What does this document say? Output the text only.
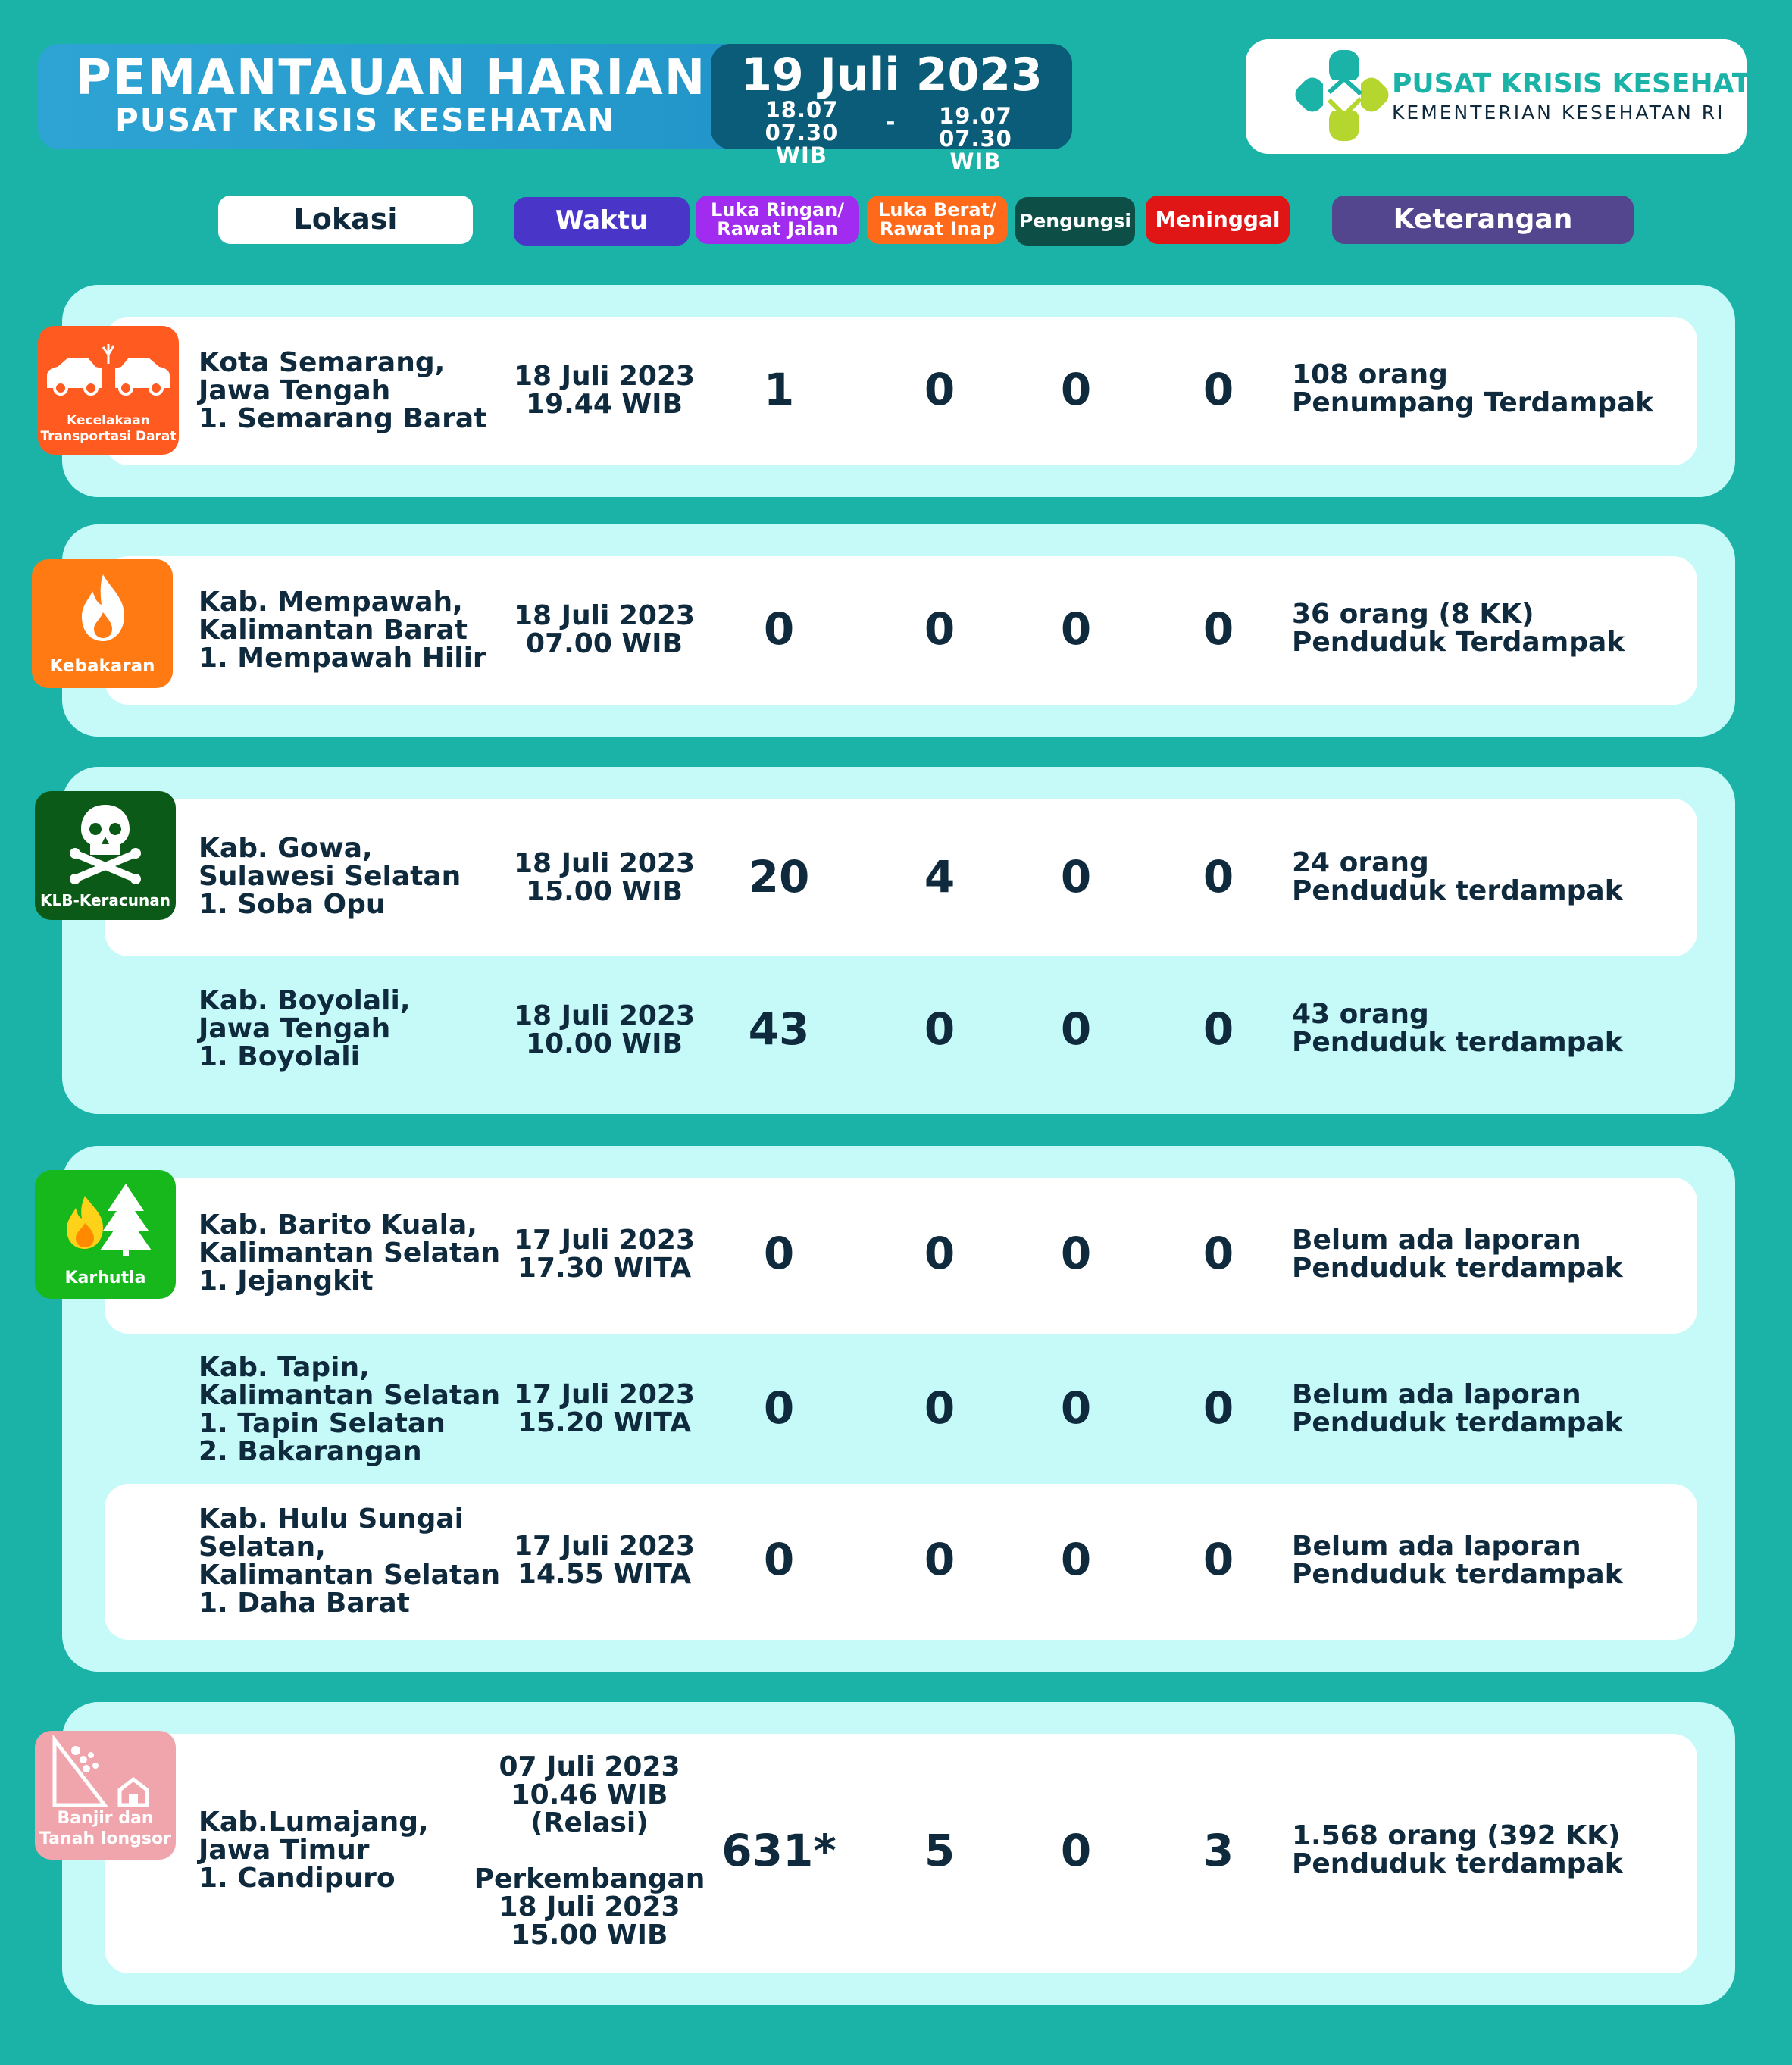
PEMANTAUAN HARIAN
PUSAT KRISIS KESEHATAN
19 Juli 2023
18.07
07.30 WIB
-	19.07
07.30 WIB
PUSAT KRISIS KESEHATAN
KEMENTERIAN KESEHATAN RI
Lokasi	Waktu	Luka Ringan/
Rawat Jalan
Luka Berat/
Rawat Inap	Pengungsi	Meninggal	Keterangan
Kecelakaan
Transportasi Darat
Kota Semarang,
Jawa Tengah
1. Semarang Barat
18 Juli 2023
19.44 WIB	1	0	0	0	108 orang
Penumpang Terdampak
Kebakaran
Kab. Mempawah,
Kalimantan Barat
1. Mempawah Hilir
18 Juli 2023
07.00 WIB	0	0	0	0	36 orang (8 KK)
Penduduk Terdampak
KLB-Keracunan
Kab. Gowa,
Sulawesi Selatan
1. Soba Opu
18 Juli 2023
15.00 WIB	20	4	0	0	24 orang
Penduduk terdampak
Kab. Boyolali,
Jawa Tengah
1. Boyolali
18 Juli 2023
10.00 WIB	43	0	0	0	43 orang
Penduduk terdampak
Karhutla
Kab. Barito Kuala,
Kalimantan Selatan
1. Jejangkit
17 Juli 2023
17.30 WITA	0	0	0	0	Belum ada laporan
Penduduk terdampak
Kab. Tapin,
Kalimantan Selatan
1. Tapin Selatan
2. Bakarangan
17 Juli 2023
15.20 WITA	0	0	0	0	Belum ada laporan
Penduduk terdampak
Kab. Hulu Sungai
Selatan,
Kalimantan Selatan
1. Daha Barat
17 Juli 2023
14.55 WITA	0	0	0	0	Belum ada laporan
Penduduk terdampak
Banjir dan
Tanah longsor
Kab.Lumajang,
Jawa Timur
1. Candipuro
07 Juli 2023
10.46 WIB
(Relasi)

Perkembangan
18 Juli 2023
15.00 WIB
631*	5	0	3	1.568 orang (392 KK)
Penduduk terdampak
